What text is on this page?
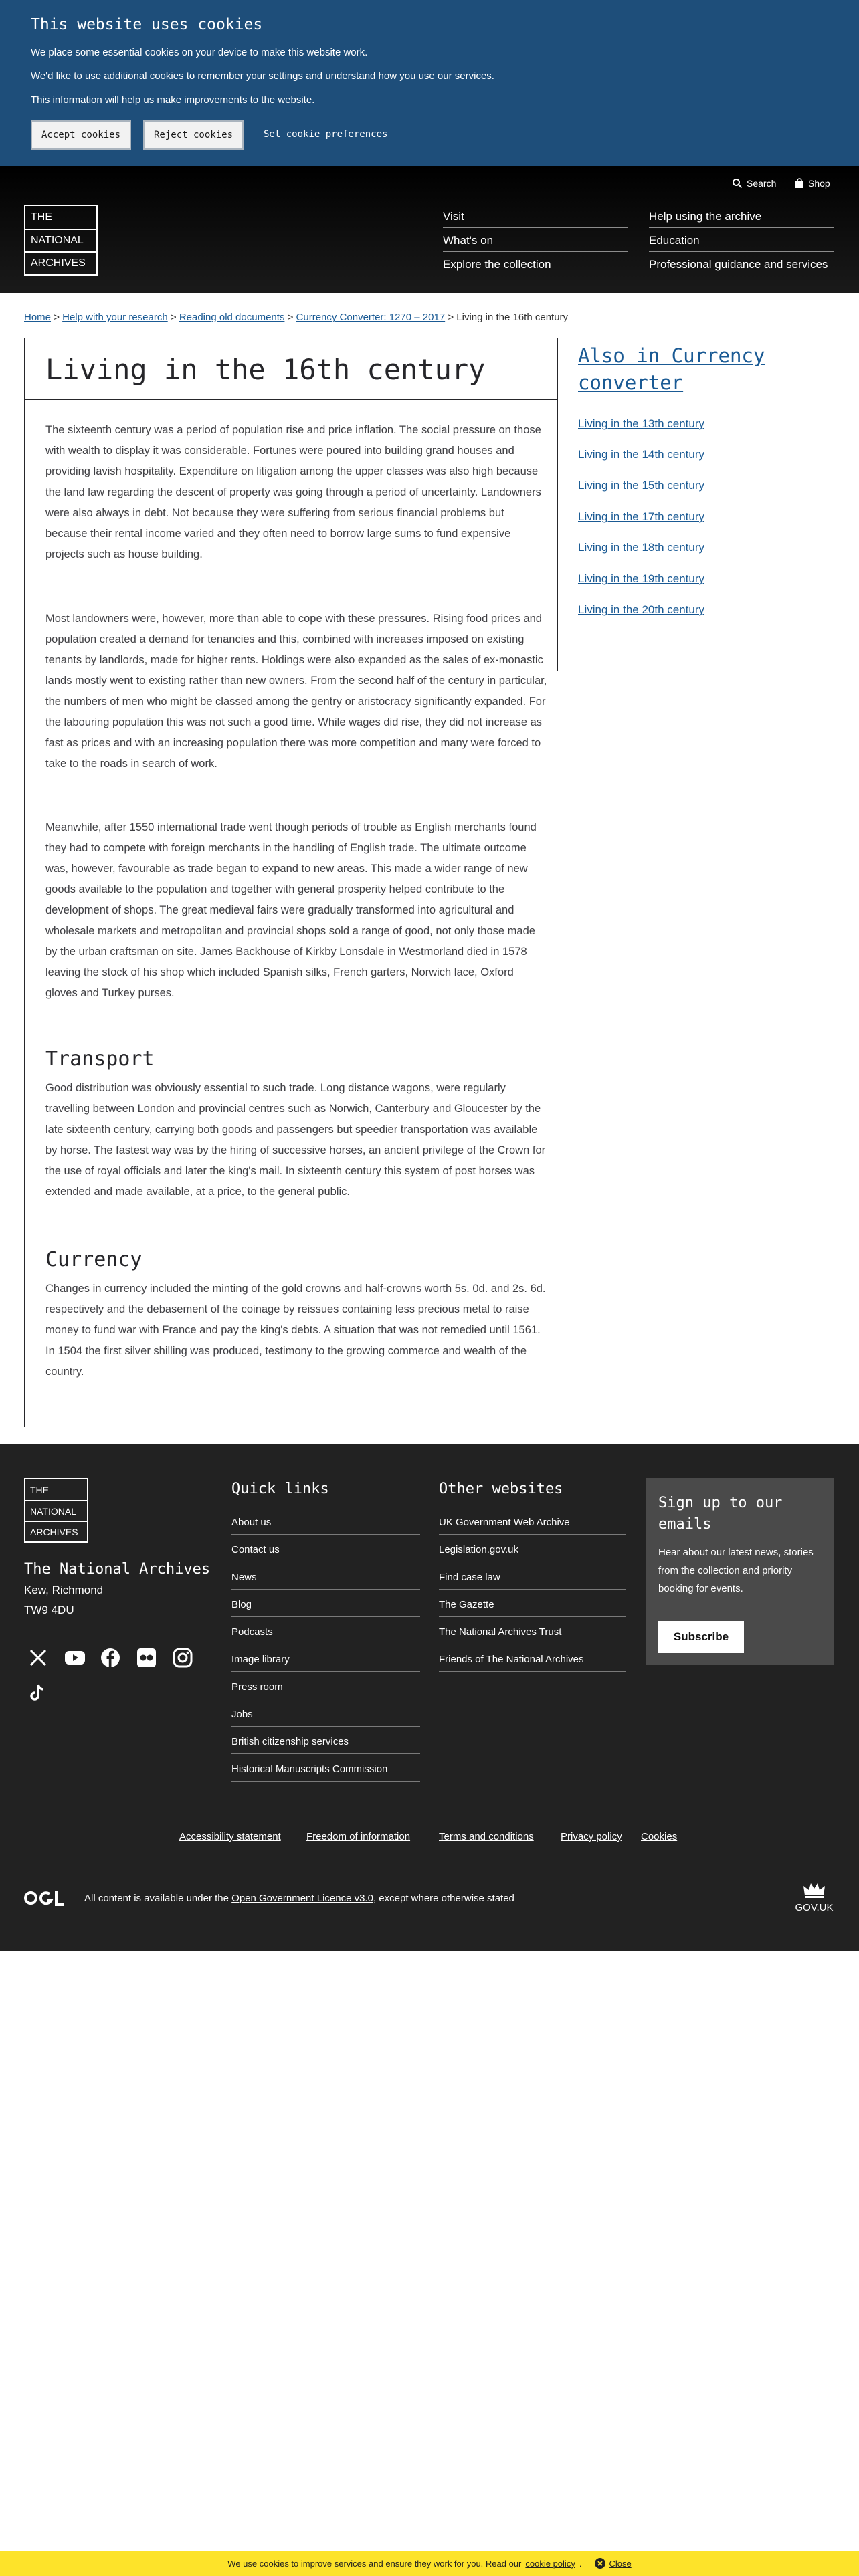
This website uses cookies

We place some essential cookies on your device to make this website work.

We'd like to use additional cookies to remember your settings and understand how you use our services.

This information will help us make improvements to the website.

Accept cookies	Reject cookies	Set cookie preferences
Search	Shop
THE
NATIONAL
ARCHIVES
Visit
What's on
Explore the collection
Help using the archive
Education
Professional guidance and services
Home > Help with your research > Reading old documents > Currency Converter: 1270 – 2017 > Living in the 16th century
Living in the 16th century

The sixteenth century was a period of population rise and price inflation. The social pressure on those with wealth to display it was considerable. Fortunes were poured into building grand houses and providing lavish hospitality. Expenditure on litigation among the upper classes was also high because the land law regarding the descent of property was going through a period of uncertainty. Landowners were also always in debt. Not because they were suffering from serious financial problems but because their rental income varied and they often need to borrow large sums to fund expensive projects such as house building.

Most landowners were, however, more than able to cope with these pressures. Rising food prices and population created a demand for tenancies and this, combined with increases imposed on existing tenants by landlords, made for higher rents. Holdings were also expanded as the sales of ex-monastic lands mostly went to existing rather than new owners. From the second half of the century in particular, the numbers of men who might be classed among the gentry or aristocracy significantly expanded. For the labouring population this was not such a good time. While wages did rise, they did not increase as fast as prices and with an increasing population there was more competition and many were forced to take to the roads in search of work.

Meanwhile, after 1550 international trade went though periods of trouble as English merchants found they had to compete with foreign merchants in the handling of English trade. The ultimate outcome was, however, favourable as trade began to expand to new areas. This made a wider range of new goods available to the population and together with general prosperity helped contribute to the development of shops. The great medieval fairs were gradually transformed into agricultural and wholesale markets and metropolitan and provincial shops sold a range of good, not only those made by the urban craftsman on site. James Backhouse of Kirkby Lonsdale in Westmorland died in 1578 leaving the stock of his shop which included Spanish silks, French garters, Norwich lace, Oxford gloves and Turkey purses.

Transport

Good distribution was obviously essential to such trade. Long distance wagons, were regularly travelling between London and provincial centres such as Norwich, Canterbury and Gloucester by the late sixteenth century, carrying both goods and passengers but speedier transportation was available by horse. The fastest way was by the hiring of successive horses, an ancient privilege of the Crown for the use of royal officials and later the king's mail. In sixteenth century this system of post horses was extended and made available, at a price, to the general public.

Currency

Changes in currency included the minting of the gold crowns and half-crowns worth 5s. 0d. and 2s. 6d. respectively and the debasement of the coinage by reissues containing less precious metal to raise money to fund war with France and pay the king's debts. A situation that was not remedied until 1561. In 1504 the first silver shilling was produced, testimony to the growing commerce and wealth of the country.

Also in Currency converter
Living in the 13th century
Living in the 14th century
Living in the 15th century
Living in the 17th century
Living in the 18th century
Living in the 19th century
Living in the 20th century
THE
NATIONAL
ARCHIVES
The National Archives

Kew, Richmond

TW9 4DU

Quick links
About us
Contact us
News
Blog
Podcasts
Image library
Press room
Jobs
British citizenship services
Historical Manuscripts Commission
Other websites
UK Government Web Archive
Legislation.gov.uk
Find case law
The Gazette
The National Archives Trust
Friends of The National Archives
Sign up to our emails

Hear about our latest news, stories from the collection and priority booking for events.

Subscribe
Accessibility statement	Freedom of information	Terms and conditions	Privacy policy Cookies

All content is available under the Open Government Licence v3.0, except where otherwise stated

GOV.UK
We use cookies to improve services and ensure they work for you. Read our cookie policy .	Close
